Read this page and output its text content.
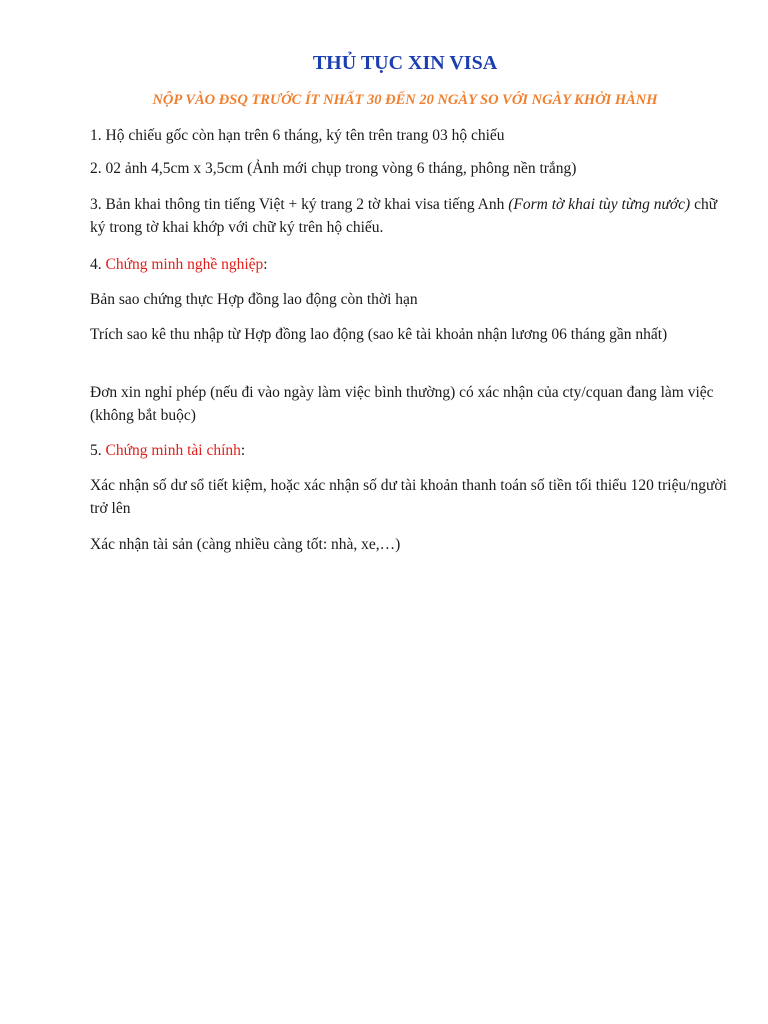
THỦ TỤC XIN VISA
NỘP VÀO ĐSQ TRƯỚC ÍT NHẤT 30 ĐẾN 20 NGÀY SO VỚI NGÀY KHỞI HÀNH

1. Hộ chiếu gốc còn hạn trên 6 tháng, ký tên trên trang 03 hộ chiếu

2. 02 ảnh 4,5cm x 3,5cm (Ảnh mới chụp trong vòng 6 tháng, phông nền trắng)

3. Bản khai thông tin tiếng Việt + ký trang 2 tờ khai visa tiếng Anh (Form tờ khai tùy từng nước) chữ ký trong tờ khai khớp với chữ ký trên hộ chiếu.

4. Chứng minh nghề nghiệp:

Bản sao chứng thực Hợp đồng lao động còn thời hạn

Trích sao kê thu nhập từ Hợp đồng lao động (sao kê tài khoản nhận lương 06 tháng gần nhất)

Đơn xin nghỉ phép (nếu đi vào ngày làm việc bình thường) có xác nhận của cty/cquan đang làm việc (không bắt buộc)

5. Chứng minh tài chính:

Xác nhận số dư sổ tiết kiệm, hoặc xác nhận số dư tài khoản thanh toán số tiền tối thiểu 120 triệu/người trở lên

Xác nhận tài sản (càng nhiều càng tốt: nhà, xe,…)
